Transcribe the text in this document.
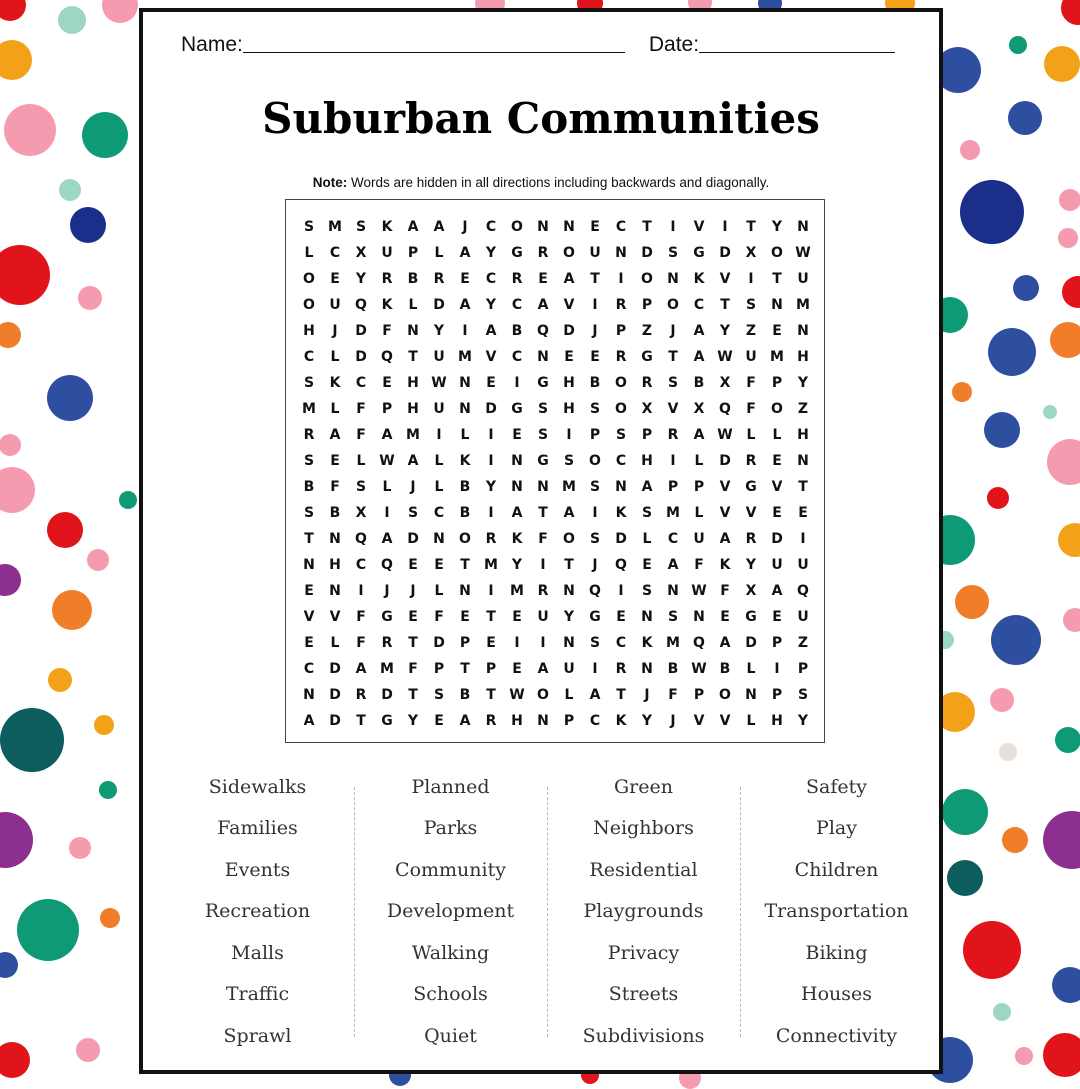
Name:	Date:
Suburban Communities
Note: Words are hidden in all directions including backwards and diagonally.
S M S	K	A	A	J	C	O	N	N	E	C	T	I	V	I	T	Y	N
L	C	X	U	P	L	A	Y	G	R	O	U	N	D	S	G	D	X	O W
O	E	Y	R	B	R	E	C	R	E	A	T	I	O	N	K	V	I	T	U
O	U	Q	K	L	D	A	Y	C	A	V	I	R	P	O	C	T	S	N M
H	J	D	F	N	Y	I	A	B	Q	D	J	P	Z	J	A	Y	Z	E	N
C	L	D	Q	T	U M V	C	N	E	E	R	G	T	A W U M H
S	K	C	E	H W N	E	I	G	H	B	O	R	S	B	X	F	P	Y
M	L	F	P	H	U	N	D	G	S	H	S	O	X	V	X	Q	F	O	Z
R	A	F	A M	I	L	I	E	S	I	P	S	P	R	A W L	L	H
S	E	L W A	L	K	I	N	G	S	O	C	H	I	L	D	R	E	N
B	F	S	L	J	L	B	Y	N	N M S	N	A	P	P	V	G	V	T
S	B	X	I	S	C	B	I	A	T	A	I	K	S M	L	V	V	E	E
T	N	Q	A	D	N	O	R	K	F	O	S	D	L	C	U	A	R	D	I
N	H	C	Q	E	E	T	M Y	I	T	J	Q	E	A	F	K	Y	U	U
E	N	I	J	J	L	N	I	M R	N	Q	I	S	N W F	X	A	Q
V	V	F	G	E	F	E	T	E	U	Y	G	E	N	S	N	E	G	E	U
E	L	F	R	T	D	P	E	I	I	N	S	C	K M Q	A	D	P	Z
C	D	A M	F	P	T	P	E	A	U	I	R	N	B W B	L	I	P
N	D	R	D	T	S	B	T W O	L	A	T	J	F	P	O	N	P	S
A	D	T	G	Y	E	A	R	H	N	P	C	K	Y	J	V	V	L	H	Y
Sidewalks
Families
Events
Recreation
Malls
Traffic
Sprawl
Planned
Parks
Community
Development
Walking
Schools
Quiet
Green
Neighbors
Residential
Playgrounds
Privacy
Streets
Subdivisions
Safety
Play
Children
Transportation
Biking
Houses
Connectivity
